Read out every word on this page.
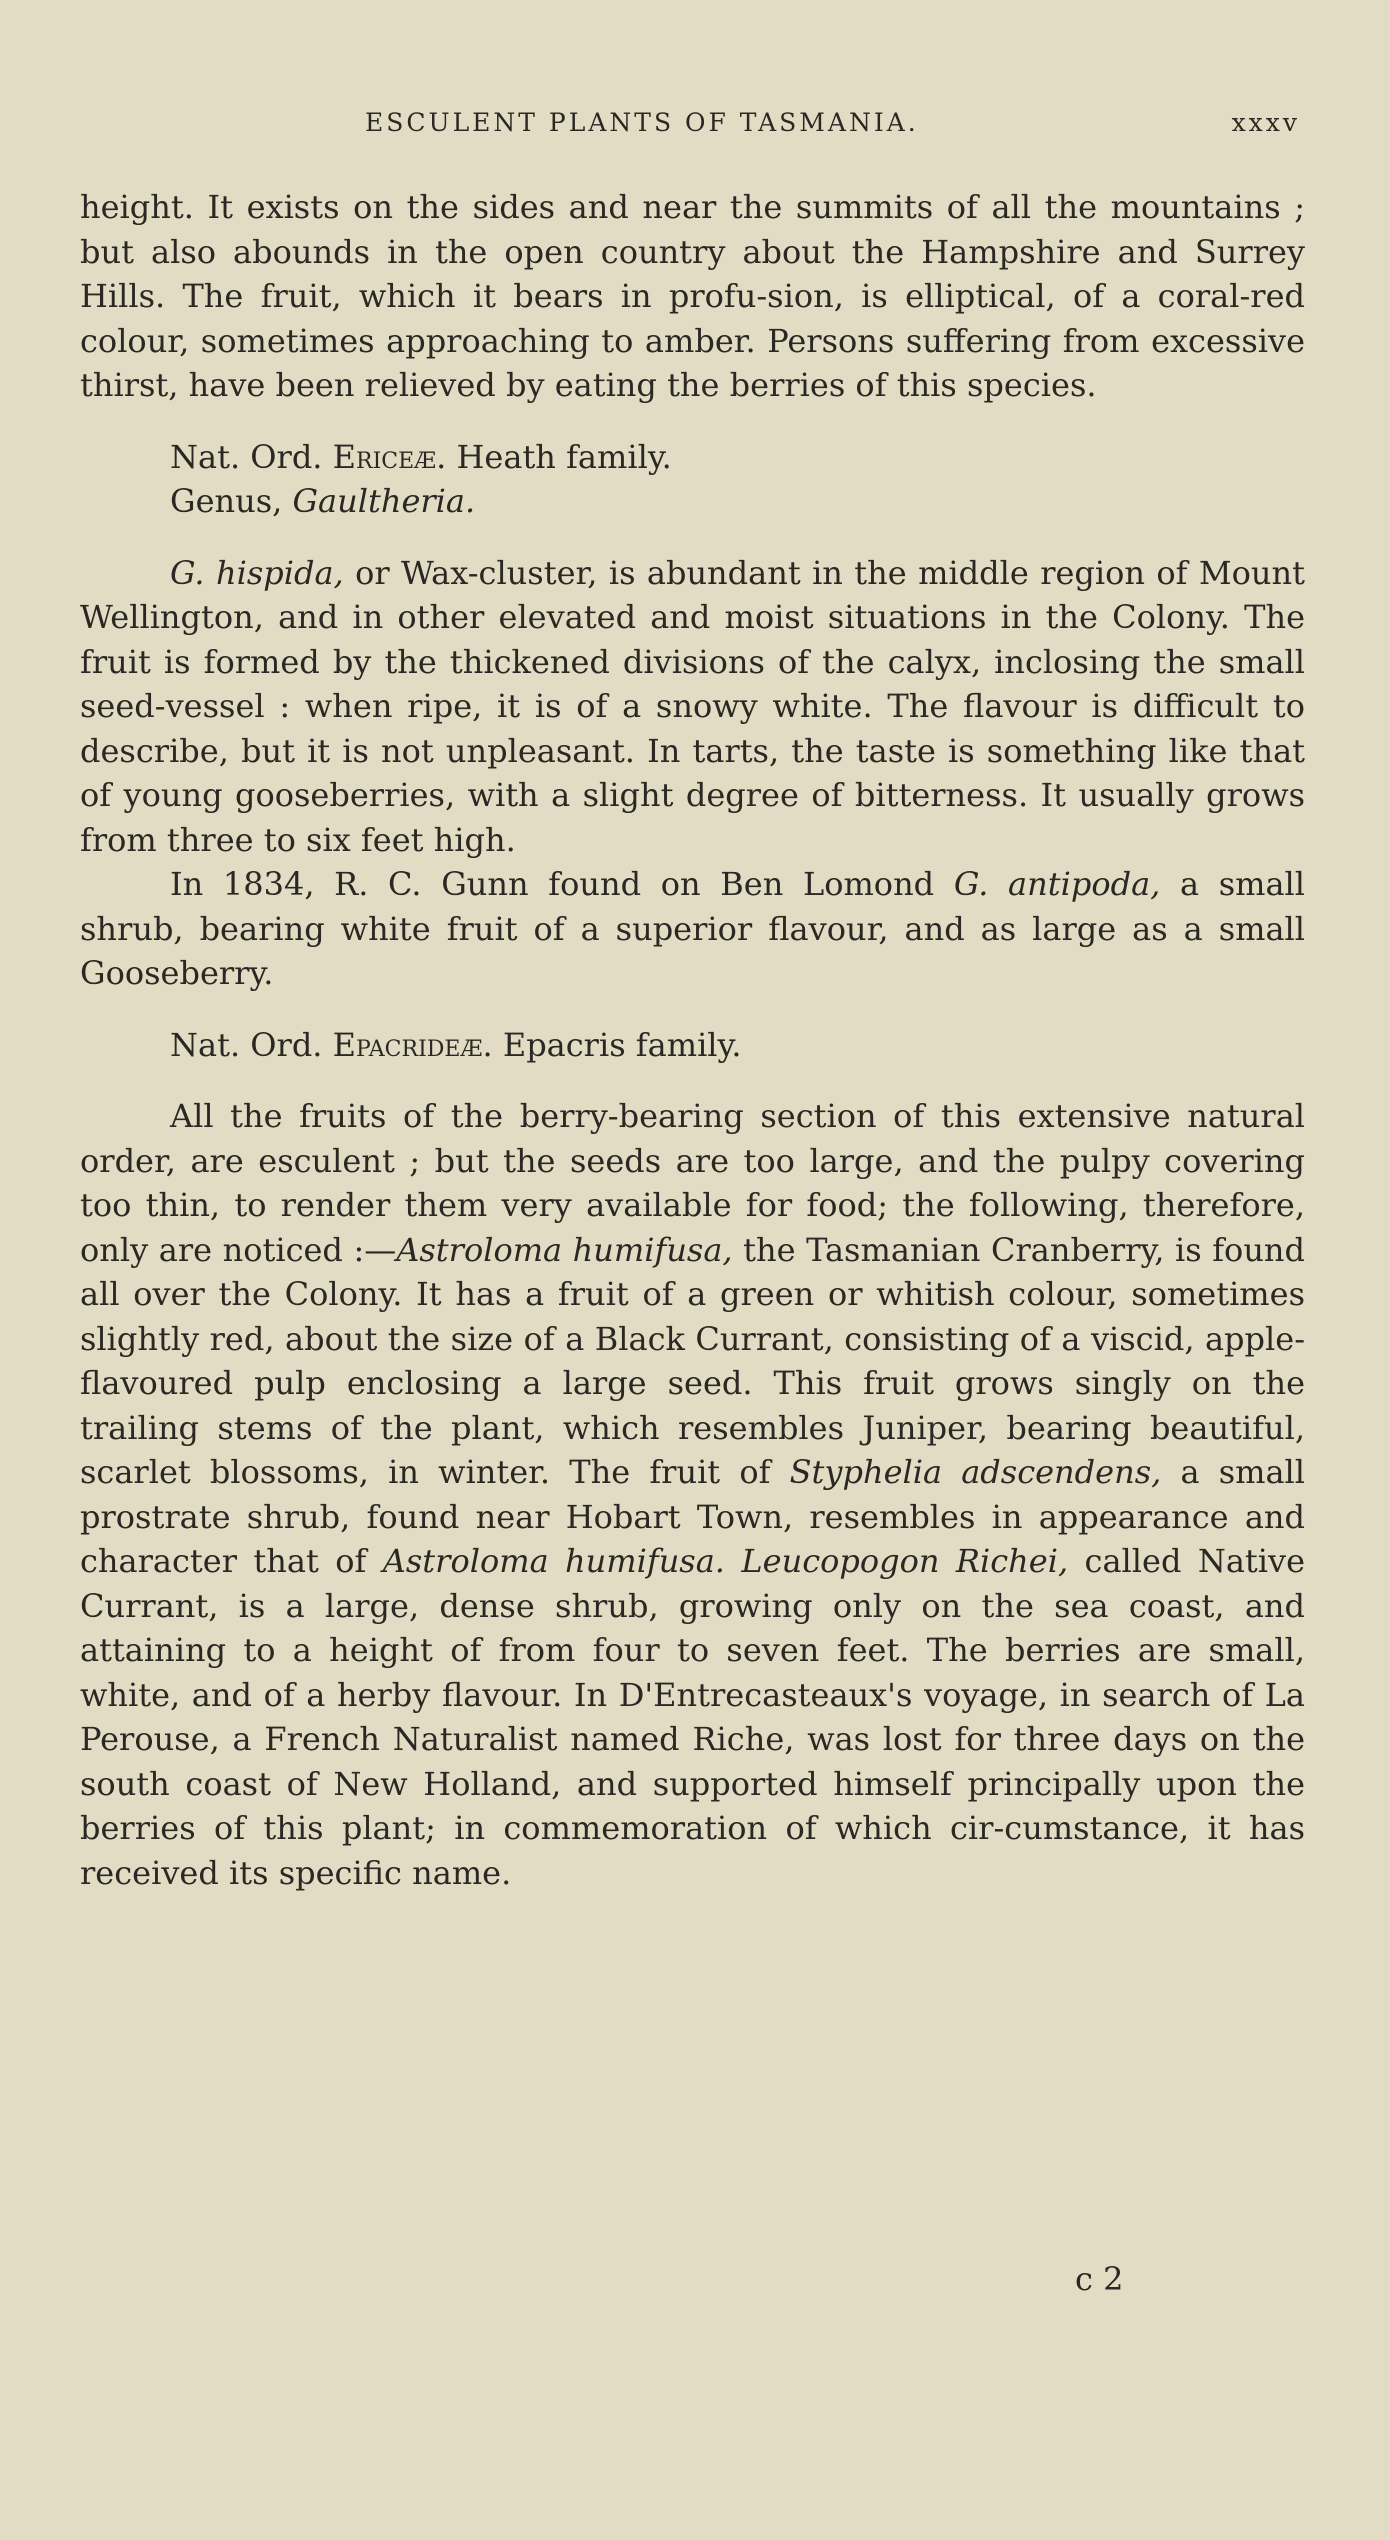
ESCULENT PLANTS OF TASMANIA.	xxxv

height. It exists on the sides and near the summits of all the mountains ; but also abounds in the open country about the Hampshire and Surrey Hills. The fruit, which it bears in profu-sion, is elliptical, of a coral-red colour, sometimes approaching to amber. Persons suffering from excessive thirst, have been relieved by eating the berries of this species.

Nat. Ord. Ericeæ. Heath family.

Genus, Gaultheria.

G. hispida, or Wax-cluster, is abundant in the middle region of Mount Wellington, and in other elevated and moist situations in the Colony. The fruit is formed by the thickened divisions of the calyx, inclosing the small seed-vessel : when ripe, it is of a snowy white. The flavour is difficult to describe, but it is not unpleasant. In tarts, the taste is something like that of young gooseberries, with a slight degree of bitterness. It usually grows from three to six feet high.

In 1834, R. C. Gunn found on Ben Lomond G. antipoda, a small shrub, bearing white fruit of a superior flavour, and as large as a small Gooseberry.

Nat. Ord. Epacrideæ. Epacris family.

All the fruits of the berry-bearing section of this extensive natural order, are esculent ; but the seeds are too large, and the pulpy covering too thin, to render them very available for food; the following, therefore, only are noticed :—Astroloma humifusa, the Tasmanian Cranberry, is found all over the Colony. It has a fruit of a green or whitish colour, sometimes slightly red, about the size of a Black Currant, consisting of a viscid, apple-flavoured pulp enclosing a large seed. This fruit grows singly on the trailing stems of the plant, which resembles Juniper, bearing beautiful, scarlet blossoms, in winter. The fruit of Styphelia adscendens, a small prostrate shrub, found near Hobart Town, resembles in appearance and character that of Astroloma humifusa. Leucopogon Richei, called Native Currant, is a large, dense shrub, growing only on the sea coast, and attaining to a height of from four to seven feet. The berries are small, white, and of a herby flavour. In D'Entrecasteaux's voyage, in search of La Perouse, a French Naturalist named Riche, was lost for three days on the south coast of New Holland, and supported himself principally upon the berries of this plant; in commemoration of which cir-cumstance, it has received its specific name.

c 2
